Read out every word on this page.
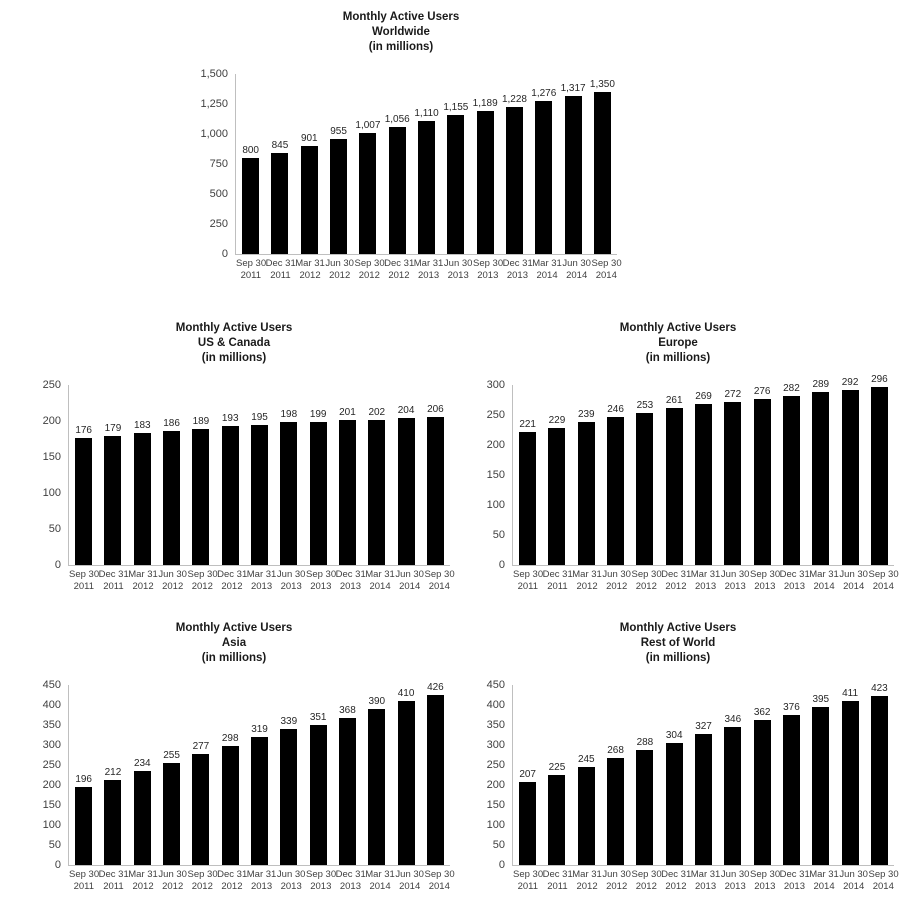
Monthly Active Users
Worldwide
(in millions)
0
250
500
750
1,000
1,250
1,500
800 845
901
955
1,007
1,056
1,110 1,155 1,189 1,228
1,276 1,317 1,350
Sep 30
2011
Dec 31
2011
Mar 31
2012
Jun 30
2012
Sep 30
2012
Dec 31
2012
Mar 31
2013
Jun 30
2013
Sep 30
2013
Dec 31
2013
Mar 31
2014
Jun 30
2014
Sep 30
2014
Monthly Active Users
US & Canada
(in millions)
0
50
100
150
200
250
176 179 183 186 189 193 195 198 199 201 202 204 206
Sep 30
2011
Dec 31
2011
Mar 31
2012
Jun 30
2012
Sep 30
2012
Dec 31
2012
Mar 31
2013
Jun 30
2013
Sep 30
2013
Dec 31
2013
Mar 31
2014
Jun 30
2014
Sep 30
2014
Monthly Active Users
Europe
(in millions)
0
50
100
150
200
250
300
221 229
239 246 253 261 269 272 276 282 289 292 296
Sep 30
2011
Dec 31
2011
Mar 31
2012
Jun 30
2012
Sep 30
2012
Dec 31
2012
Mar 31
2013
Jun 30
2013
Sep 30
2013
Dec 31
2013
Mar 31
2014
Jun 30
2014
Sep 30
2014
Monthly Active Users
Asia
(in millions)
0
50
100
150
200
250
300
350
400
450
196
212
234
255
277
298
319
339 351
368
390
410
426
Sep 30
2011
Dec 31
2011
Mar 31
2012
Jun 30
2012
Sep 30
2012
Dec 31
2012
Mar 31
2013
Jun 30
2013
Sep 30
2013
Dec 31
2013
Mar 31
2014
Jun 30
2014
Sep 30
2014
Monthly Active Users
Rest of World
(in millions)
0
50
100
150
200
250
300
350
400
450
207
225
245
268
288
304
327
346
362
376
395
411 423
Sep 30
2011
Dec 31
2011
Mar 31
2012
Jun 30
2012
Sep 30
2012
Dec 31
2012
Mar 31
2013
Jun 30
2013
Sep 30
2013
Dec 31
2013
Mar 31
2014
Jun 30
2014
Sep 30
2014
